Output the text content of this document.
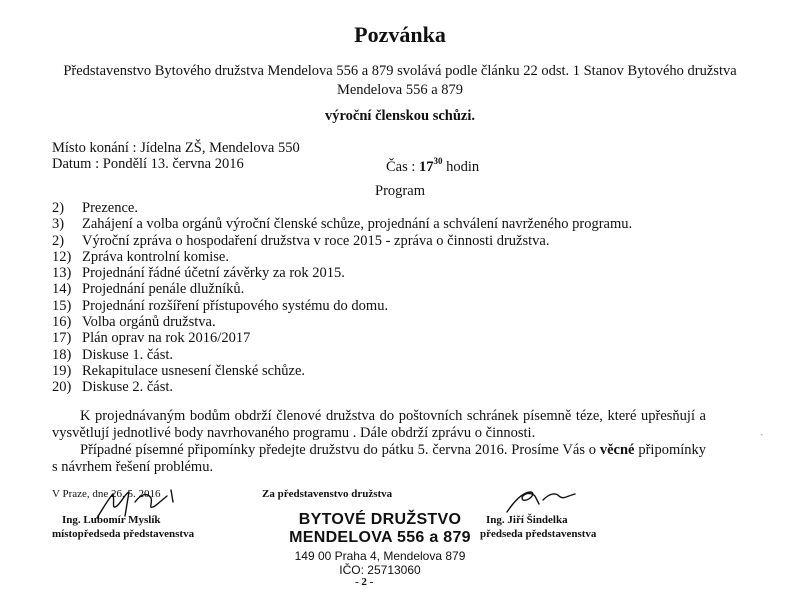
Pozvánka
Představenstvo Bytového družstva Mendelova 556 a 879 svolává podle článku 22 odst. 1 Stanov Bytového družstva Mendelova 556 a 879
výroční členskou schůzi.
Místo konání : Jídelna ZŠ, Mendelova 550
Datum : Pondělí 13. června 2016	Čas : $17^{30}$ hodin
Program
2) Prezence.
3) Zahájení a volba orgánů výroční členské schůze, projednání a schválení navrženého programu.
2) Výroční zpráva o hospodaření družstva v roce 2015 - zpráva o činnosti družstva.
12) Zpráva kontrolní komise.
13) Projednání řádné účetní závěrky za rok 2015.
14) Projednání penále dlužníků.
15) Projednání rozšíření přístupového systému do domu.
16) Volba orgánů družstva.
17) Plán oprav na rok 2016/2017
18) Diskuse 1. část.
19) Rekapitulace usnesení členské schůze.
20) Diskuse 2. část.
K projednávaným bodům obdrží členové družstva do poštovních schránek písemně téze, které upřesňují a vysvětlují jednotlivé body navrhovaného programu . Dále obdrží zprávu o činnosti.
Případné písemné připomínky předejte družstvu do pátku 5. června 2016. Prosíme Vás o věcné připomínky s návrhem řešení problému.
V Praze, dne 26. 5. 2016
Ing. Lubomír Myslík
místopředseda představenstva
Za představenstvo družstva
Ing. Jiří Šindelka
předseda představenstva
BYTOVÉ DRUŽSTVO
MENDELOVA 556 a 879
149 00 Praha 4, Mendelova 879
IČO: 25713060
- 2 -
ˏ
